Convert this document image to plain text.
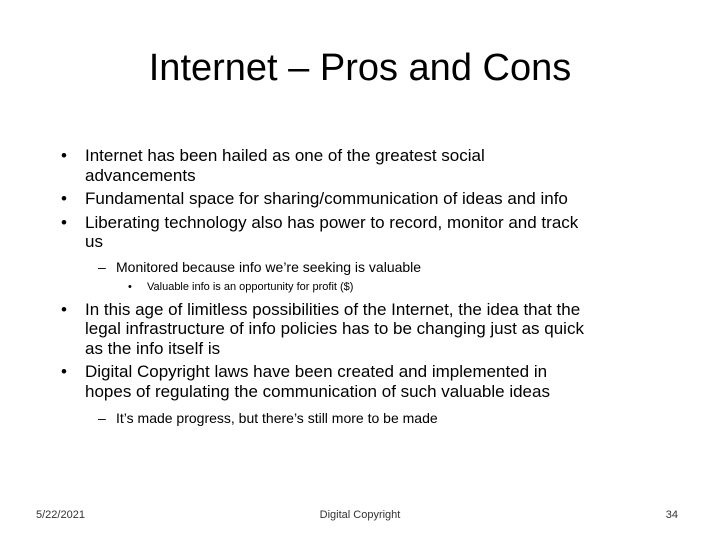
Internet – Pros and Cons
• Internet has been hailed as one of the greatest social advancements
• Fundamental space for sharing/communication of ideas and info
• Liberating technology also has power to record, monitor and track us
– Monitored because info we’re seeking is valuable
• Valuable info is an opportunity for profit ($)
• In this age of limitless possibilities of the Internet, the idea that the legal infrastructure of info policies has to be changing just as quick as the info itself is
• Digital Copyright laws have been created and implemented in hopes of regulating the communication of such valuable ideas
– It’s made progress, but there’s still more to be made
5/22/2021	Digital Copyright	34
